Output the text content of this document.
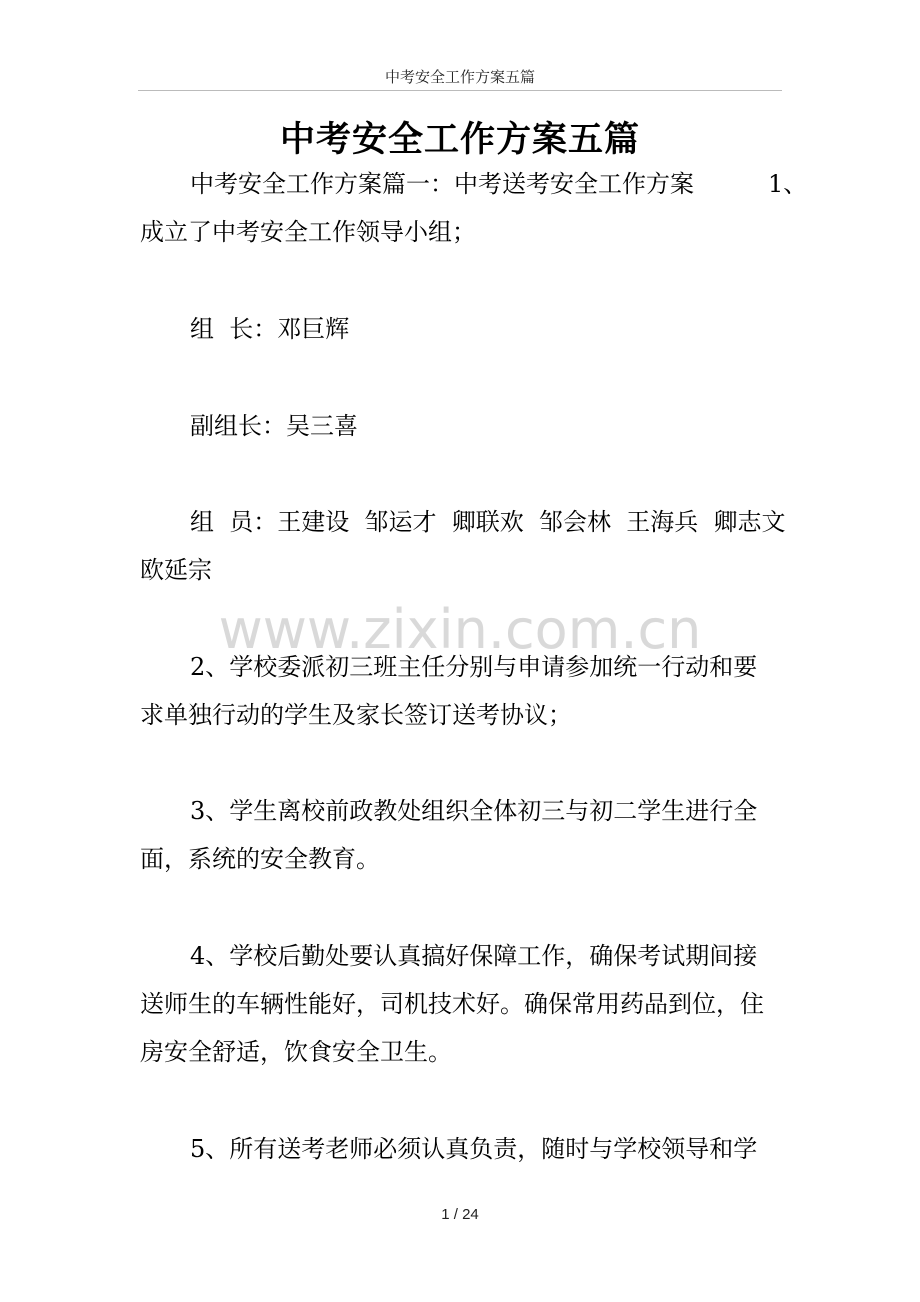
中考安全工作方案五篇
中考安全工作方案五篇
中考安全工作方案篇一：中考送考安全工作方案	1、
成立了中考安全工作领导小组；
组  长：邓巨辉
副组长：吴三喜
组  员：王建设  邹运才  卿联欢  邹会林  王海兵  卿志文
欧延宗
www.zixin.com.cn
2、学校委派初三班主任分别与申请参加统一行动和要
求单独行动的学生及家长签订送考协议；
3、学生离校前政教处组织全体初三与初二学生进行全
面，系统的安全教育。
4、学校后勤处要认真搞好保障工作，确保考试期间接
送师生的车辆性能好，司机技术好。确保常用药品到位，住
房安全舒适，饮食安全卫生。
5、所有送考老师必须认真负责，随时与学校领导和学
1 / 24
